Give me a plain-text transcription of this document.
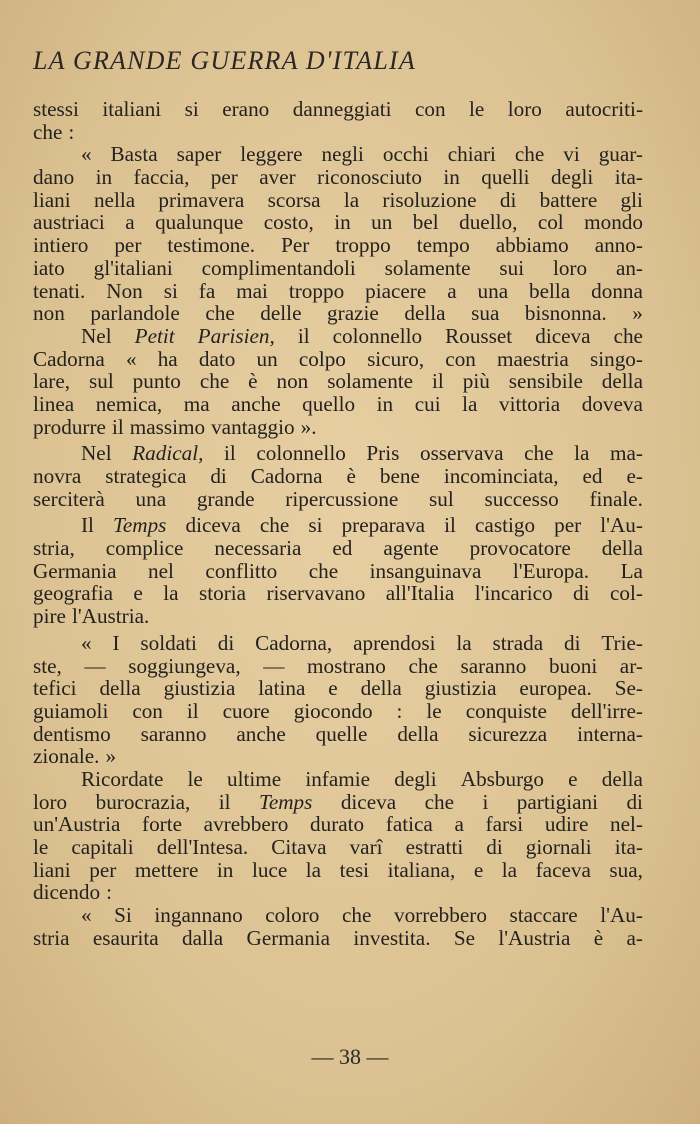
LA GRANDE GUERRA D'ITALIA
stessi italiani si erano danneggiati con le loro autocriti-
che :
« Basta saper leggere negli occhi chiari che vi guar-
dano in faccia, per aver riconosciuto in quelli degli ita-
liani nella primavera scorsa la risoluzione di battere gli
austriaci a qualunque costo, in un bel duello, col mondo
intiero per testimone. Per troppo tempo abbiamo anno-
iato gl'italiani complimentandoli solamente sui loro an-
tenati. Non si fa mai troppo piacere a una bella donna
non parlandole che delle grazie della sua bisnonna. »
Nel Petit Parisien, il colonnello Rousset diceva che
Cadorna « ha dato un colpo sicuro, con maestria singo-
lare, sul punto che è non solamente il più sensibile della
linea nemica, ma anche quello in cui la vittoria doveva
produrre il massimo vantaggio ».
Nel Radical, il colonnello Pris osservava che la ma-
novra strategica di Cadorna è bene incominciata, ed e-
serciterà una grande ripercussione sul successo finale.
Il Temps diceva che si preparava il castigo per l'Au-
stria, complice necessaria ed agente provocatore della
Germania nel conflitto che insanguinava l'Europa. La
geografia e la storia riservavano all'Italia l'incarico di col-
pire l'Austria.
« I soldati di Cadorna, aprendosi la strada di Trie-
ste, — soggiungeva, — mostrano che saranno buoni ar-
tefici della giustizia latina e della giustizia europea. Se-
guiamoli con il cuore giocondo : le conquiste dell'irre-
dentismo saranno anche quelle della sicurezza interna-
zionale. »
Ricordate le ultime infamie degli Absburgo e della
loro burocrazia, il Temps diceva che i partigiani di
un'Austria forte avrebbero durato fatica a farsi udire nel-
le capitali dell'Intesa. Citava varî estratti di giornali ita-
liani per mettere in luce la tesi italiana, e la faceva sua,
dicendo :
« Si ingannano coloro che vorrebbero staccare l'Au-
stria esaurita dalla Germania investita. Se l'Austria è a-
— 38 —
